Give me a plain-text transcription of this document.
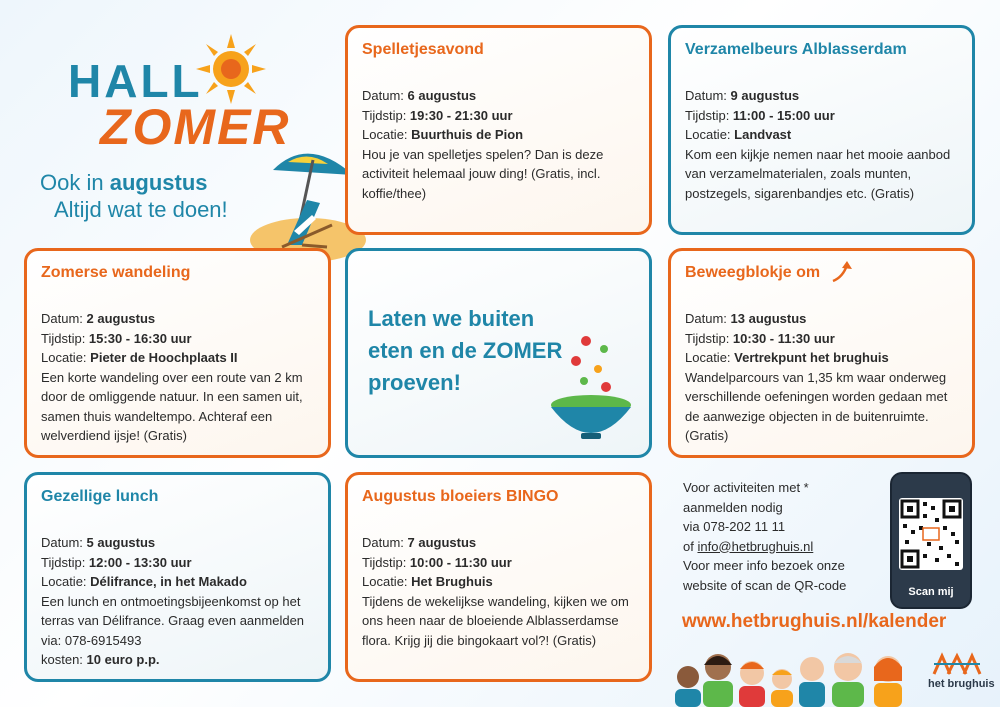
HALL
ZOMER
Ook in augustus
Altijd wat te doen!
Spelletjesavond
Datum: 6 augustus
Tijdstip: 19:30 - 21:30 uur
Locatie: Buurthuis de Pion
Hou je van spelletjes spelen? Dan is deze activiteit helemaal jouw ding! (Gratis, incl. koffie/thee)
Verzamelbeurs Alblasserdam
Datum: 9 augustus
Tijdstip: 11:00 - 15:00 uur
Locatie: Landvast
Kom een kijkje nemen naar het mooie aanbod van verzamelmaterialen, zoals munten, postzegels, sigarenbandjes etc. (Gratis)
Zomerse wandeling
Datum: 2 augustus
Tijdstip: 15:30 - 16:30 uur
Locatie: Pieter de Hoochplaats II
Een korte wandeling over een route van 2 km door de omliggende natuur. In een samen uit, samen thuis wandeltempo. Achteraf een welverdiend ijsje! (Gratis)
Laten we buiten eten en de ZOMER proeven!
Beweegblokje om
Datum: 13 augustus
Tijdstip: 10:30 - 11:30 uur
Locatie: Vertrekpunt het brughuis
Wandelparcours van 1,35 km waar onderweg verschillende oefeningen worden gedaan met de aanwezige objecten in de buitenruimte. (Gratis)
Gezellige lunch
Datum: 5 augustus
Tijdstip: 12:00 - 13:30 uur
Locatie: Délifrance, in het Makado
Een lunch en ontmoetingsbijeenkomst op het terras van Délifrance. Graag even aanmelden via: 078-6915493
kosten: 10 euro p.p.
Augustus bloeiers BINGO
Datum: 7 augustus
Tijdstip: 10:00 - 11:30 uur
Locatie: Het Brughuis
Tijdens de wekelijkse wandeling, kijken we om ons heen naar de bloeiende Alblasserdamse flora. Krijg jij die bingokaart vol?! (Gratis)
Voor activiteiten met *
aanmelden nodig
via 078-202 11 11
of info@hetbrughuis.nl
Voor meer info bezoek onze
website of scan de QR-code	Scan mij
www.hetbrughuis.nl/kalender
het brughuis
